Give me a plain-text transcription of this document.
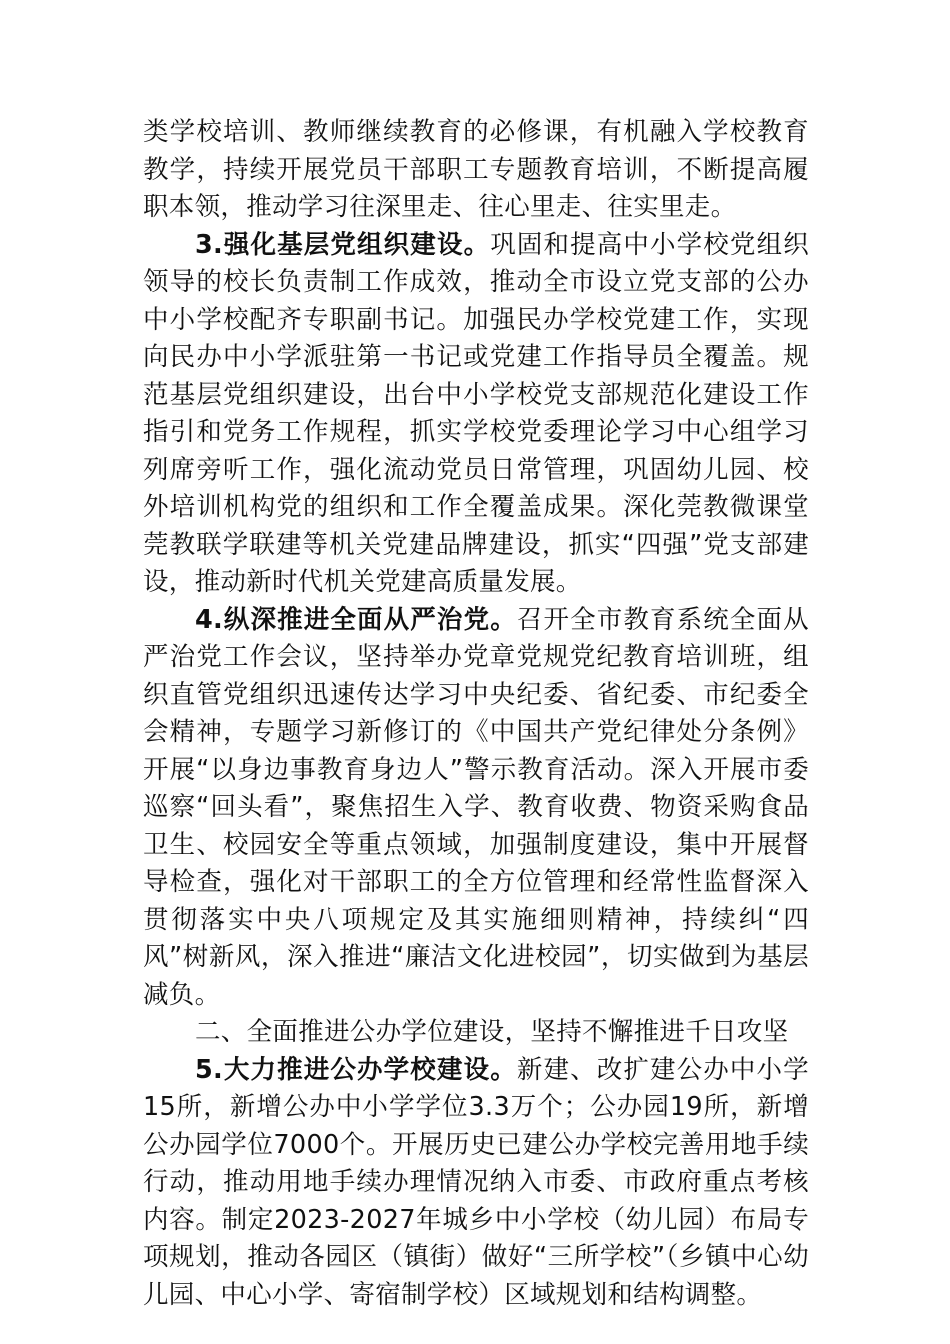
类学校培训、教师继续教育的必修课，有机融入学校教育教学，持续开展党员干部职工专题教育培训，不断提高履职本领，推动学习往深里走、往心里走、往实里走。

3.强化基层党组织建设。巩固和提高中小学校党组织领导的校长负责制工作成效，推动全市设立党支部的公办中小学校配齐专职副书记。加强民办学校党建工作，实现向民办中小学派驻第一书记或党建工作指导员全覆盖。规范基层党组织建设，出台中小学校党支部规范化建设工作指引和党务工作规程，抓实学校党委理论学习中心组学习列席旁听工作，强化流动党员日常管理，巩固幼儿园、校外培训机构党的组织和工作全覆盖成果。深化莞教微课堂莞教联学联建等机关党建品牌建设，抓实“四强”党支部建设，推动新时代机关党建高质量发展。

4.纵深推进全面从严治党。召开全市教育系统全面从严治党工作会议，坚持举办党章党规党纪教育培训班，组织直管党组织迅速传达学习中央纪委、省纪委、市纪委全会精神，专题学习新修订的《中国共产党纪律处分条例》开展“以身边事教育身边人”警示教育活动。深入开展市委巡察“回头看”，聚焦招生入学、教育收费、物资采购食品卫生、校园安全等重点领域，加强制度建设，集中开展督导检查，强化对干部职工的全方位管理和经常性监督深入贯彻落实中央八项规定及其实施细则精神，持续纠“四风”树新风，深入推进“廉洁文化进校园”，切实做到为基层减负。

二、全面推进公办学位建设，坚持不懈推进千日攻坚

5.大力推进公办学校建设。新建、改扩建公办中小学15所，新增公办中小学学位3.3万个；公办园19所，新增公办园学位7000个。开展历史已建公办学校完善用地手续行动，推动用地手续办理情况纳入市委、市政府重点考核内容。制定2023-2027年城乡中小学校（幼儿园）布局专项规划，推动各园区（镇街）做好“三所学校”（乡镇中心幼儿园、中心小学、寄宿制学校）区域规划和结构调整。
